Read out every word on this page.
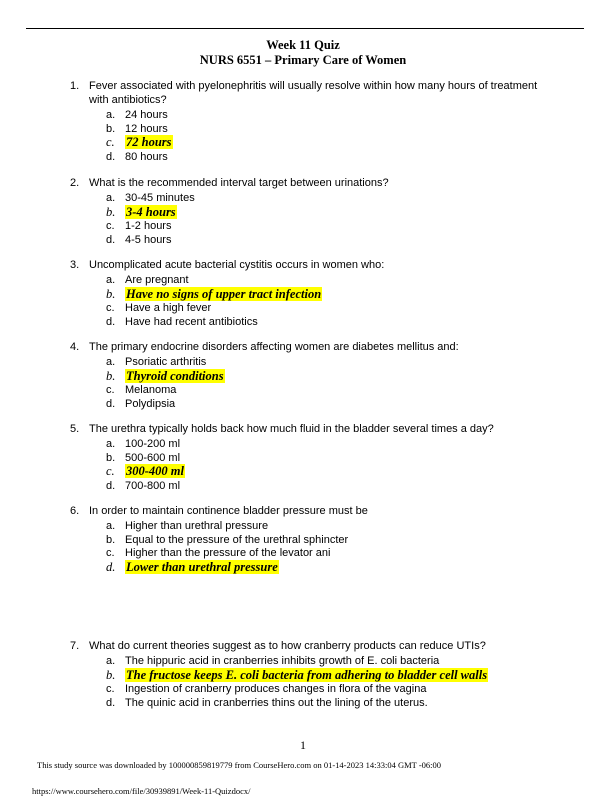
Week 11 Quiz
NURS 6551 – Primary Care of Women
1. Fever associated with pyelonephritis will usually resolve within how many hours of treatment with antibiotics?
a. 24 hours
b. 12 hours
c. 72 hours
d. 80 hours
2. What is the recommended interval target between urinations?
a. 30-45 minutes
b. 3-4 hours
c. 1-2 hours
d. 4-5 hours
3. Uncomplicated acute bacterial cystitis occurs in women who:
a. Are pregnant
b. Have no signs of upper tract infection
c. Have a high fever
d. Have had recent antibiotics
4. The primary endocrine disorders affecting women are diabetes mellitus and:
a. Psoriatic arthritis
b. Thyroid conditions
c. Melanoma
d. Polydipsia
5. The urethra typically holds back how much fluid in the bladder several times a day?
a. 100-200 ml
b. 500-600 ml
c. 300-400 ml
d. 700-800 ml
6. In order to maintain continence bladder pressure must be
a. Higher than urethral pressure
b. Equal to the pressure of the urethral sphincter
c. Higher than the pressure of the levator ani
d. Lower than urethral pressure
7. What do current theories suggest as to how cranberry products can reduce UTIs?
a. The hippuric acid in cranberries inhibits growth of E. coli bacteria
b. The fructose keeps E. coli bacteria from adhering to bladder cell walls
c. Ingestion of cranberry produces changes in flora of the vagina
d. The quinic acid in cranberries thins out the lining of the uterus.
1
This study source was downloaded by 100000859819779 from CourseHero.com on 01-14-2023 14:33:04 GMT -06:00
https://www.coursehero.com/file/30939891/Week-11-Quizdocx/
